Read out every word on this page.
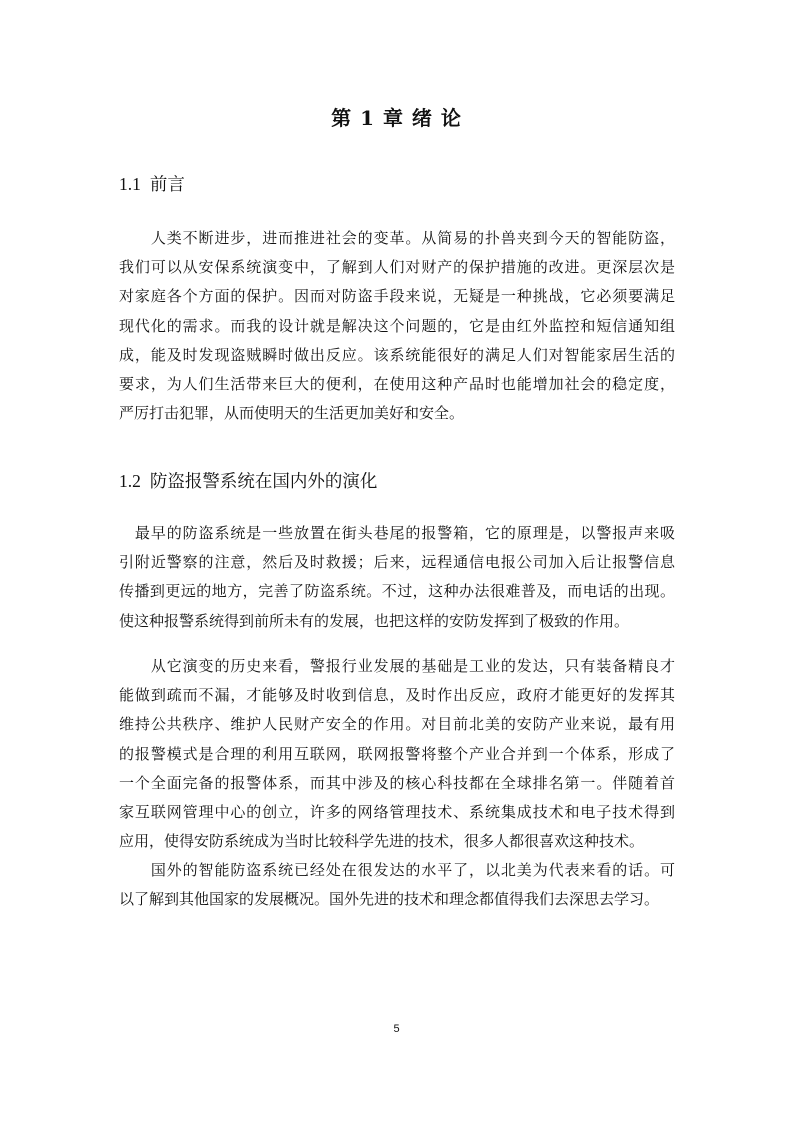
第 1 章 绪 论
1.1 前言
　　人类不断进步，进而推进社会的变革。从简易的扑兽夹到今天的智能防盗，
我们可以从安保系统演变中，了解到人们对财产的保护措施的改进。更深层次是
对家庭各个方面的保护。因而对防盗手段来说，无疑是一种挑战，它必须要满足
现代化的需求。而我的设计就是解决这个问题的，它是由红外监控和短信通知组
成，能及时发现盗贼瞬时做出反应。该系统能很好的满足人们对智能家居生活的
要求，为人们生活带来巨大的便利，在使用这种产品时也能增加社会的稳定度，
严厉打击犯罪，从而使明天的生活更加美好和安全。
1.2 防盗报警系统在国内外的演化
　最早的防盗系统是一些放置在街头巷尾的报警箱，它的原理是，以警报声来吸
引附近警察的注意，然后及时救援；后来，远程通信电报公司加入后让报警信息
传播到更远的地方，完善了防盗系统。不过，这种办法很难普及，而电话的出现。
使这种报警系统得到前所未有的发展，也把这样的安防发挥到了极致的作用。
　　从它演变的历史来看，警报行业发展的基础是工业的发达，只有装备精良才
能做到疏而不漏，才能够及时收到信息，及时作出反应，政府才能更好的发挥其
维持公共秩序、维护人民财产安全的作用。对目前北美的安防产业来说，最有用
的报警模式是合理的利用互联网，联网报警将整个产业合并到一个体系，形成了
一个全面完备的报警体系，而其中涉及的核心科技都在全球排名第一。伴随着首
家互联网管理中心的创立，许多的网络管理技术、系统集成技术和电子技术得到
应用，使得安防系统成为当时比较科学先进的技术，很多人都很喜欢这种技术。
　　国外的智能防盗系统已经处在很发达的水平了，以北美为代表来看的话。可
以了解到其他国家的发展概况。国外先进的技术和理念都值得我们去深思去学习。
5
